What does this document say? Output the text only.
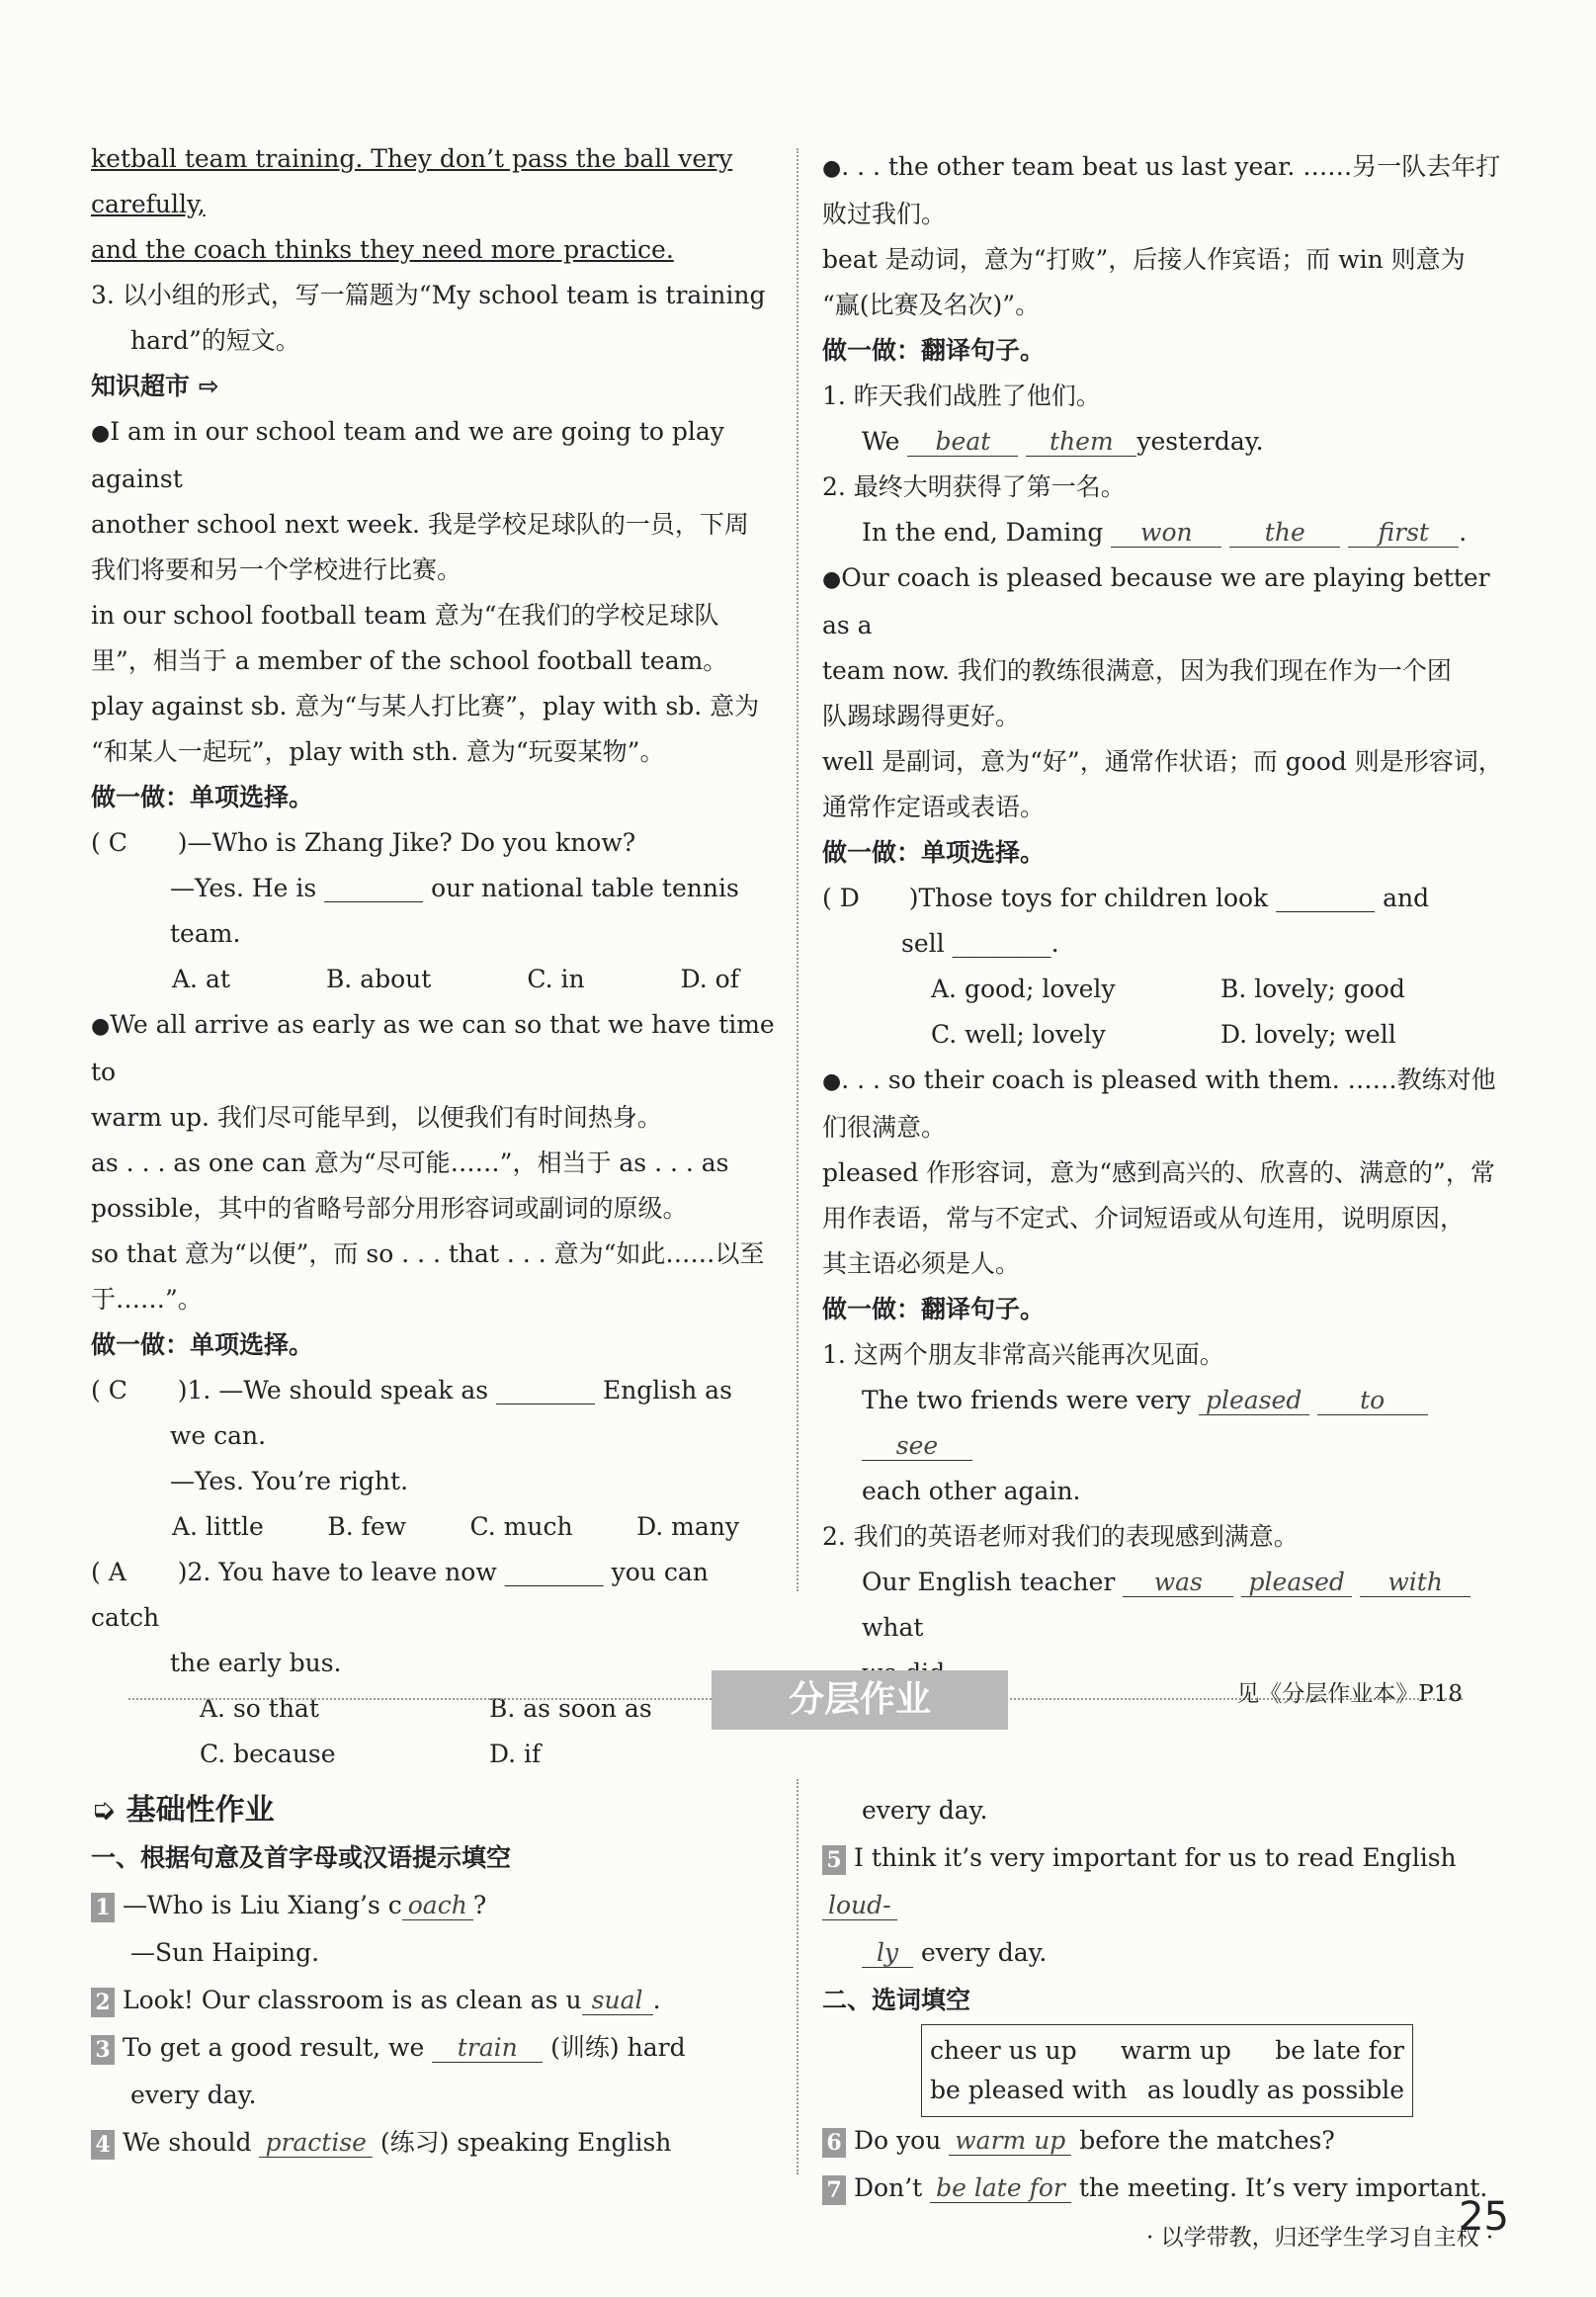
ketball team training. They don’t pass the ball very carefully,

and the coach thinks they need more practice.

3. 以小组的形式，写一篇题为“My school team is training

hard”的短文。

知识超市 ⇨

●I am in our school team and we are going to play against

another school next week. 我是学校足球队的一员，下周

我们将要和另一个学校进行比赛。

in our school football team 意为“在我们的学校足球队

里”，相当于 a member of the school football team。

play against sb. 意为“与某人打比赛”，play with sb. 意为

“和某人一起玩”，play with sth. 意为“玩耍某物”。

做一做：单项选择。

( C )—Who is Zhang Jike? Do you know?

—Yes. He is ________ our national table tennis

team.

A. at	B. about	C. in	D. of

●We all arrive as early as we can so that we have time to

warm up. 我们尽可能早到，以便我们有时间热身。

as . . . as one can 意为“尽可能……”，相当于 as . . . as

possible，其中的省略号部分用形容词或副词的原级。

so that 意为“以便”，而 so . . . that . . . 意为“如此……以至

于……”。

做一做：单项选择。

( C )1. —We should speak as ________ English as

we can.

—Yes. You’re right.

A. little	B. few	C. much	D. many

( A )2. You have to leave now ________ you can catch

the early bus.

A. so that	B. as soon as
C. because	D. if

●. . . the other team beat us last year. ……另一队去年打

败过我们。

beat 是动词，意为“打败”，后接人作宾语；而 win 则意为

“赢(比赛及名次)”。

做一做：翻译句子。

1. 昨天我们战胜了他们。

We beat them yesterday.

2. 最终大明获得了第一名。

In the end, Daming won	the	first .

●Our coach is pleased because we are playing better as a

team now. 我们的教练很满意，因为我们现在作为一个团

队踢球踢得更好。

well 是副词，意为“好”，通常作状语；而 good 则是形容词，

通常作定语或表语。

做一做：单项选择。

( D )Those toys for children look ________ and

sell ________.

A. good; lovely	B. lovely; good
C. well; lovely	D. lovely; well

●. . . so their coach is pleased with them. ……教练对他

们很满意。

pleased 作形容词，意为“感到高兴的、欣喜的、满意的”，常

用作表语，常与不定式、介词短语或从句连用，说明原因，

其主语必须是人。

做一做：翻译句子。

1. 这两个朋友非常高兴能再次见面。

The two friends were very pleased to see

each other again.

2. 我们的英语老师对我们的表现感到满意。

Our English teacher was pleased with what

分层作业	见《分层作业本》P18

➭ 基础性作业

一、根据句意及首字母或汉语提示填空

1 —Who is Liu Xiang’s c oach ?

—Sun Haiping.

2 Look! Our classroom is as clean as u sual .

3 To get a good result, we train (训练) hard

every day.

4 We should practise (练习) speaking English

every day.

5 I think it’s very important for us to read English loud-

ly every day.

二、选词填空

cheer us up warm up be late for
be pleased with as loudly as possible

6 Do you warm up before the matches?

7 Don’t be late for the meeting. It’s very important.

· 以学带教，归还学生学习自主权 ·
25
